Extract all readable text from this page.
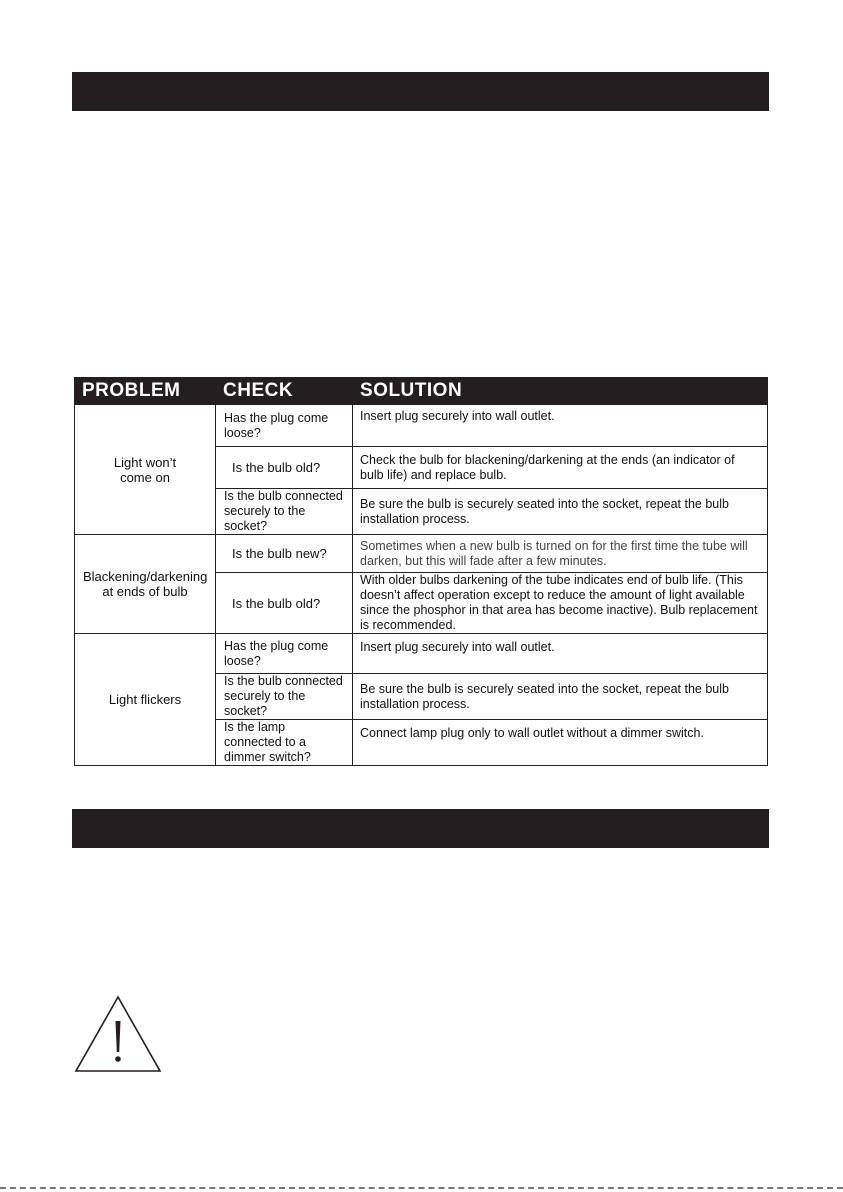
PROBLEM	CHECK	SOLUTION
Light won’t come on	Has the plug come loose?	Insert plug securely into wall outlet.
	Is the bulb old?	Check the bulb for blackening/darkening at the ends (an indicator of bulb life) and replace bulb.
	Is the bulb connected securely to the socket?	Be sure the bulb is securely seated into the socket, repeat the bulb installation process.
Blackening/darkening at ends of bulb	Is the bulb new?	Sometimes when a new bulb is turned on for the first time the tube will darken, but this will fade after a few minutes.
	Is the bulb old?	With older bulbs darkening of the tube indicates end of bulb life. (This doesn’t affect operation except to reduce the amount of light available since the phosphor in that area has become inactive). Bulb replacement is recommended.
Light flickers	Has the plug come loose?	Insert plug securely into wall outlet.
	Is the bulb connected securely to the socket?	Be sure the bulb is securely seated into the socket, repeat the bulb installation process.
	Is the lamp connected to a dimmer switch?	Connect lamp plug only to wall outlet without a dimmer switch.
